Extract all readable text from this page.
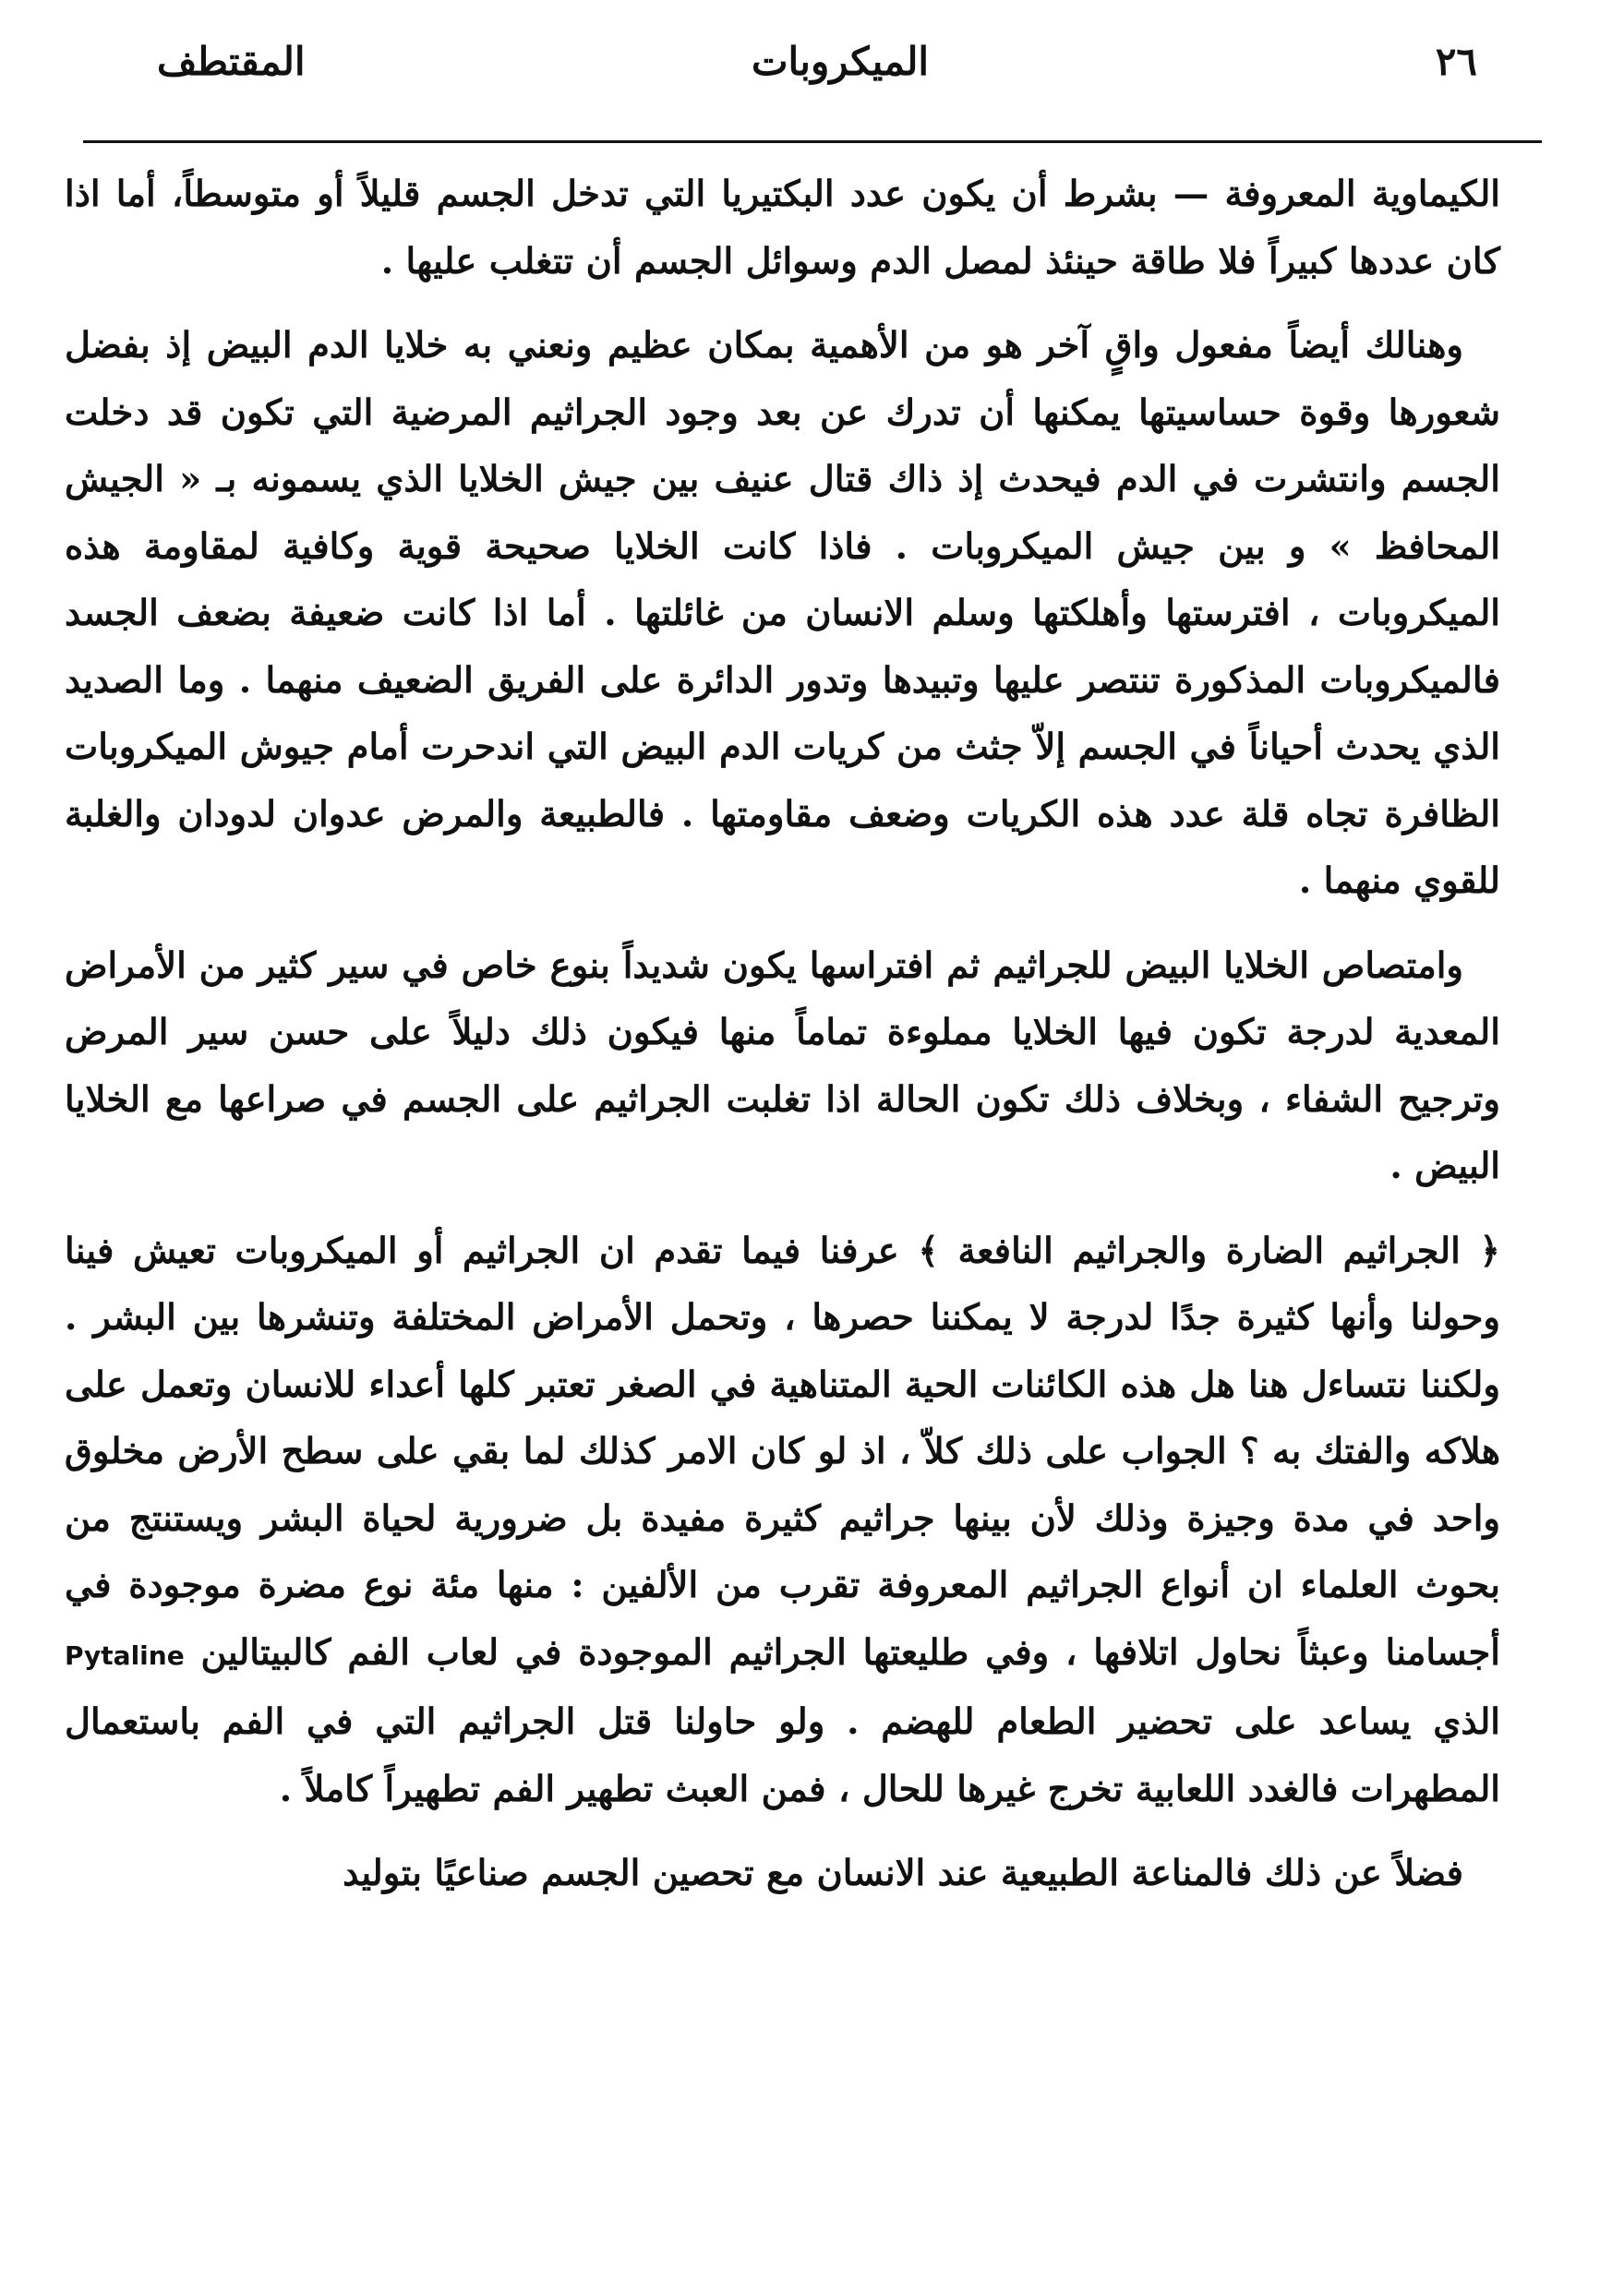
٢٦
الميكروبات
المقتطف

الكيماوية المعروفة — بشرط أن يكون عدد البكتيريا التي تدخل الجسم قليلاً أو متوسطاً، أما اذا كان عددها كبيراً فلا طاقة حينئذ لمصل الدم وسوائل الجسم أن تتغلب عليها .

وهنالك أيضاً مفعول واقٍ آخر هو من الأهمية بمكان عظيم ونعني به خلايا الدم البيض إذ بفضل شعورها وقوة حساسيتها يمكنها أن تدرك عن بعد وجود الجراثيم المرضية التي تكون قد دخلت الجسم وانتشرت في الدم فيحدث إذ ذاك قتال عنيف بين جيش الخلايا الذي يسمونه بـ « الجيش المحافظ » و بين جيش الميكروبات . فاذا كانت الخلايا صحيحة قوية وكافية لمقاومة هذه الميكروبات ، افترستها وأهلكتها وسلم الانسان من غائلتها . أما اذا كانت ضعيفة بضعف الجسد فالميكروبات المذكورة تنتصر عليها وتبيدها وتدور الدائرة على الفريق الضعيف منهما . وما الصديد الذي يحدث أحياناً في الجسم إلاّ جثث من كريات الدم البيض التي اندحرت أمام جيوش الميكروبات الظافرة تجاه قلة عدد هذه الكريات وضعف مقاومتها . فالطبيعة والمرض عدوان لدودان والغلبة للقوي منهما .

وامتصاص الخلايا البيض للجراثيم ثم افتراسها يكون شديداً بنوع خاص في سير كثير من الأمراض المعدية لدرجة تكون فيها الخلايا مملوءة تماماً منها فيكون ذلك دليلاً على حسن سير المرض وترجيح الشفاء ، وبخلاف ذلك تكون الحالة اذا تغلبت الجراثيم على الجسم في صراعها مع الخلايا البيض .

﴿ الجراثيم الضارة والجراثيم النافعة ﴾ عرفنا فيما تقدم ان الجراثيم أو الميكروبات تعيش فينا وحولنا وأنها كثيرة جدًا لدرجة لا يمكننا حصرها ، وتحمل الأمراض المختلفة وتنشرها بين البشر . ولكننا نتساءل هنا هل هذه الكائنات الحية المتناهية في الصغر تعتبر كلها أعداء للانسان وتعمل على هلاكه والفتك به ؟ الجواب على ذلك كلاّ ، اذ لو كان الامر كذلك لما بقي على سطح الأرض مخلوق واحد في مدة وجيزة وذلك لأن بينها جراثيم كثيرة مفيدة بل ضرورية لحياة البشر ويستنتج من بحوث العلماء ان أنواع الجراثيم المعروفة تقرب من الألفين : منها مئة نوع مضرة موجودة في أجسامنا وعبثاً نحاول اتلافها ، وفي طليعتها الجراثيم الموجودة في لعاب الفم كالبيتالين Pytaline الذي يساعد على تحضير الطعام للهضم . ولو حاولنا قتل الجراثيم التي في الفم باستعمال المطهرات فالغدد اللعابية تخرج غيرها للحال ، فمن العبث تطهير الفم تطهيراً كاملاً .

فضلاً عن ذلك فالمناعة الطبيعية عند الانسان مع تحصين الجسم صناعيًا بتوليد
